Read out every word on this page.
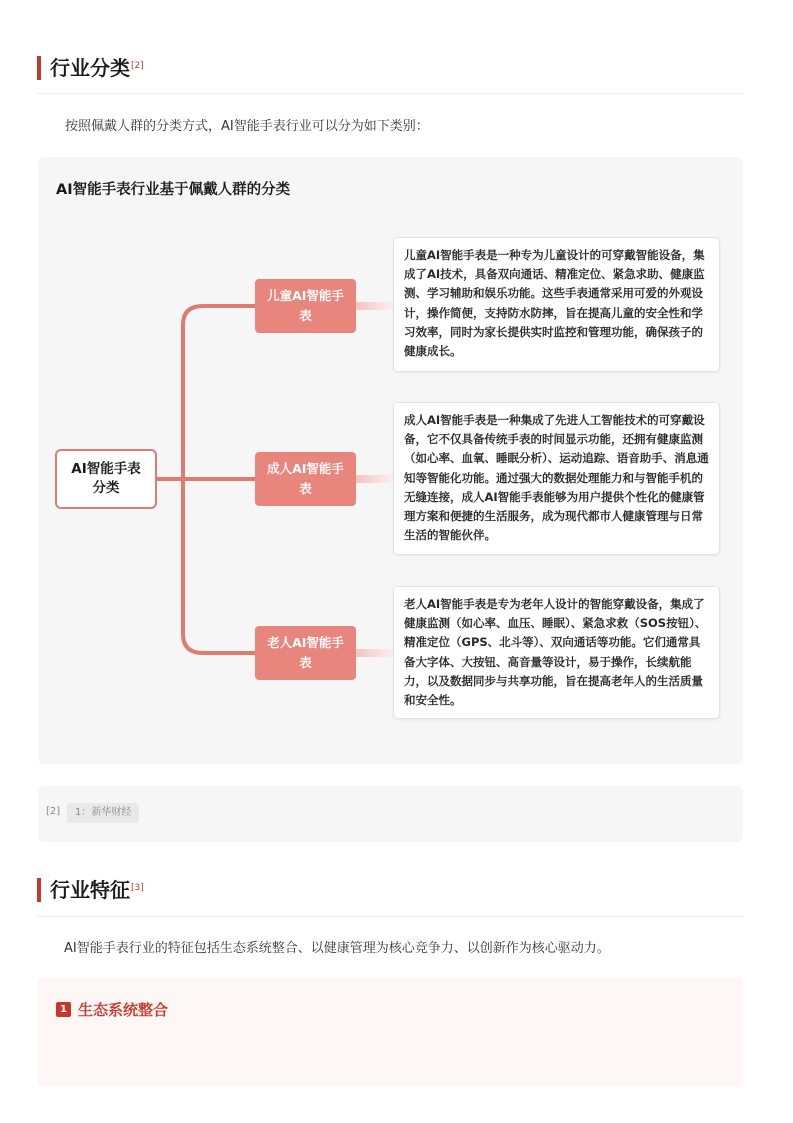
行业分类[2]
按照佩戴人群的分类方式，AI智能手表行业可以分为如下类别：
AI智能手表行业基于佩戴人群的分类
AI智能手表分类
儿童AI智能手表
成人AI智能手表
老人AI智能手表
儿童AI智能手表是一种专为儿童设计的可穿戴智能设备，集成了AI技术，具备双向通话、精准定位、紧急求助、健康监测、学习辅助和娱乐功能。这些手表通常采用可爱的外观设计，操作简便，支持防水防摔，旨在提高儿童的安全性和学习效率，同时为家长提供实时监控和管理功能，确保孩子的健康成长。
成人AI智能手表是一种集成了先进人工智能技术的可穿戴设备，它不仅具备传统手表的时间显示功能，还拥有健康监测（如心率、血氧、睡眠分析）、运动追踪、语音助手、消息通知等智能化功能。通过强大的数据处理能力和与智能手机的无缝连接，成人AI智能手表能够为用户提供个性化的健康管理方案和便捷的生活服务，成为现代都市人健康管理与日常生活的智能伙伴。
老人AI智能手表是专为老年人设计的智能穿戴设备，集成了健康监测（如心率、血压、睡眠）、紧急求救（SOS按钮）、精准定位（GPS、北斗等）、双向通话等功能。它们通常具备大字体、大按钮、高音量等设计，易于操作，长续航能力，以及数据同步与共享功能，旨在提高老年人的生活质量和安全性。
[2]	1：新华财经
行业特征[3]
AI智能手表行业的特征包括生态系统整合、以健康管理为核心竞争力、以创新作为核心驱动力。
1 生态系统整合
